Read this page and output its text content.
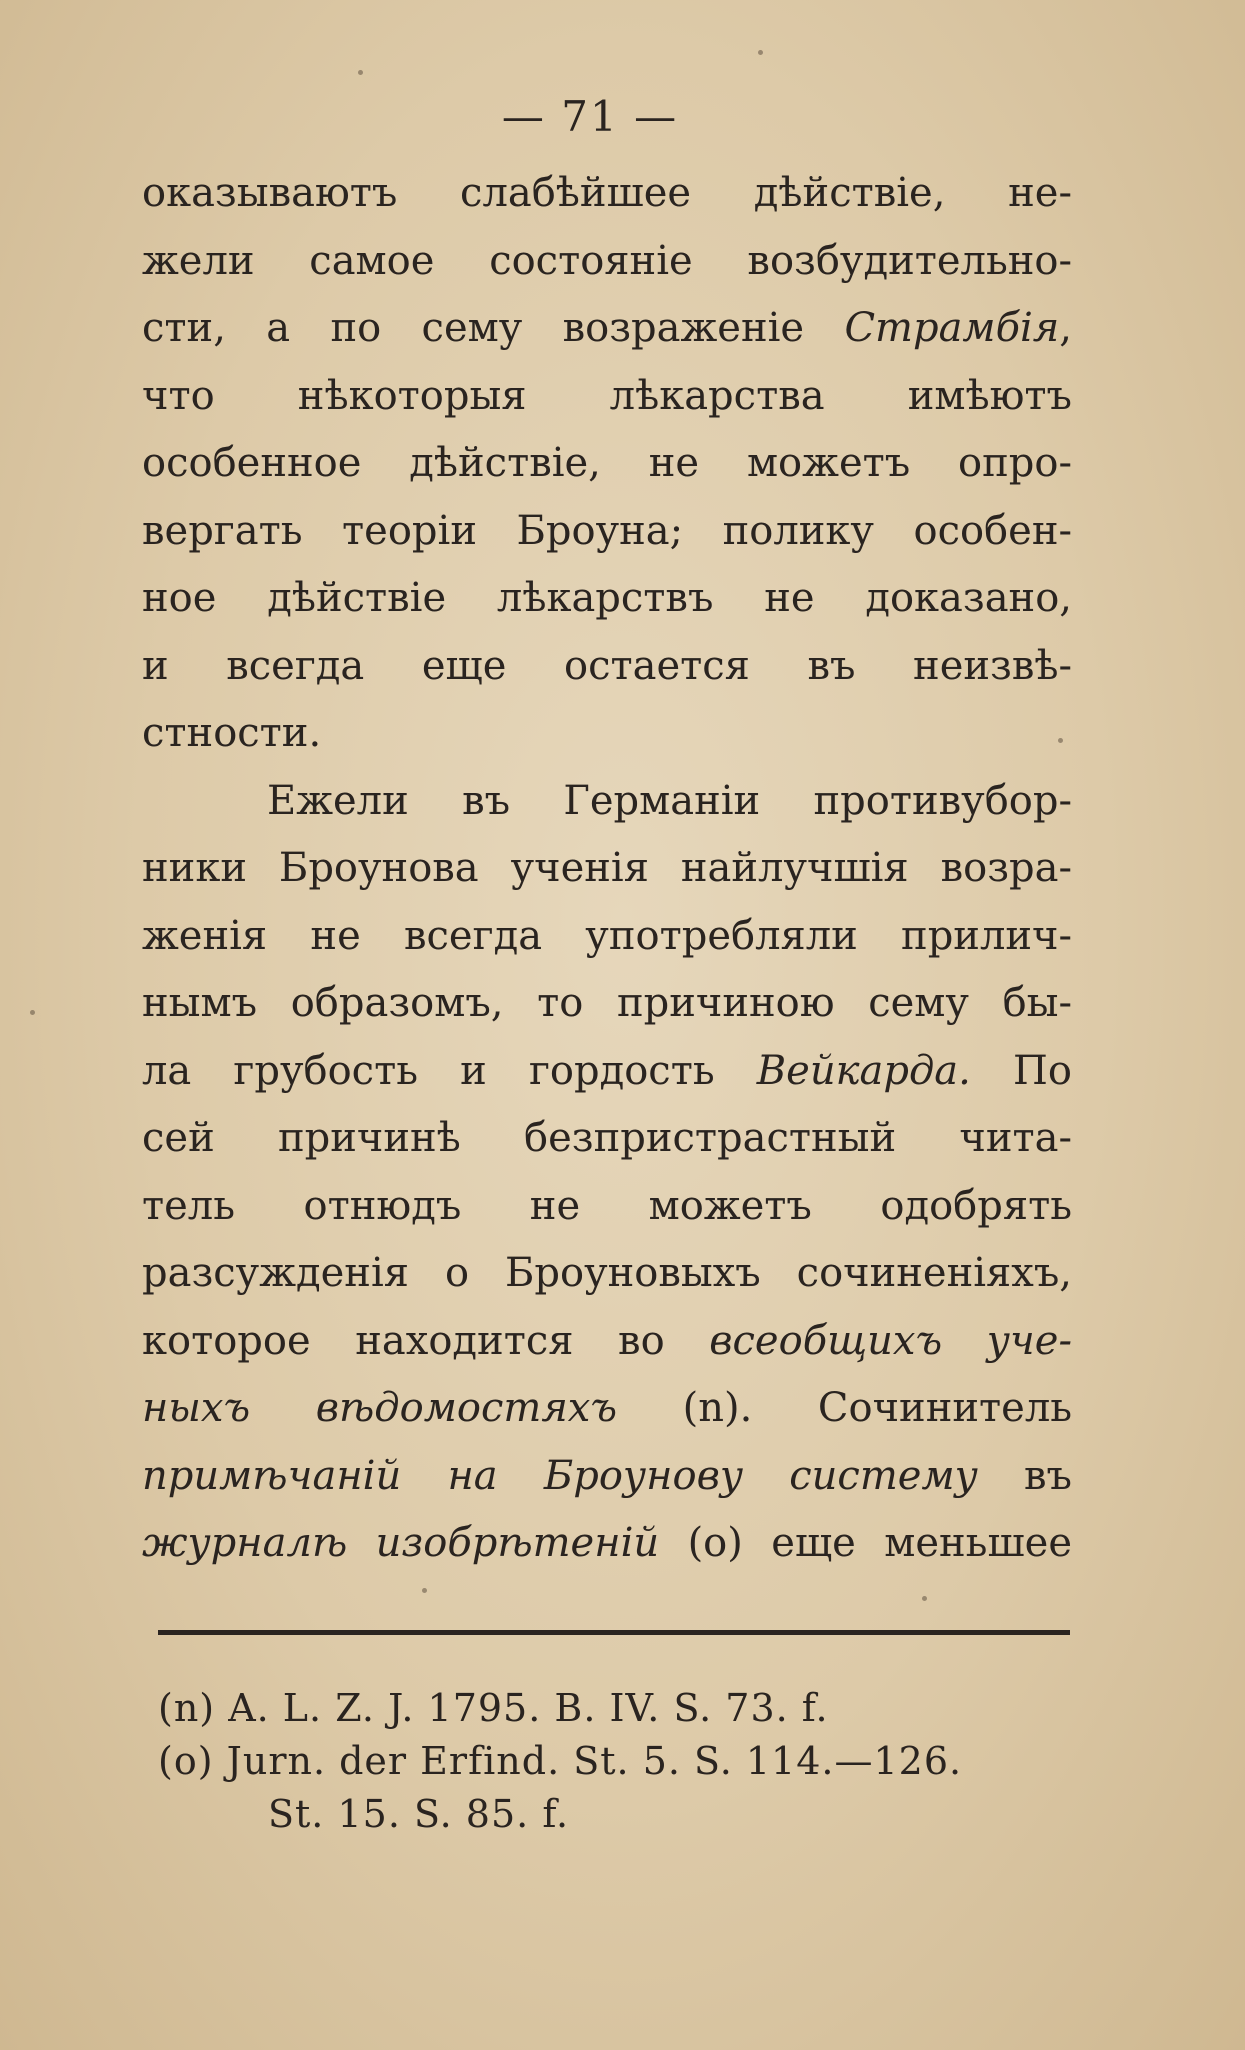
— 71 —
оказываютъ слабѣйшее дѣйствіе, не-
жели самое состояніе возбудительно-
сти, а по сему возраженіе Страмбія,
что нѣкоторыя лѣкарства имѣютъ
особенное дѣйствіе, не можетъ опро-
вергать теоріи Броуна; полику особен-
ное дѣйствіе лѣкарствъ не доказано,
и всегда еще остается въ неизвѣ-
стности.
Ежели въ Германіи противубор-
ники Броунова ученія найлучшія возра-
женія не всегда употребляли прилич-
нымъ образомъ, то причиною сему бы-
ла грубость и гордость Вейкарда. По
сей причинѣ безпристрастный чита-
тель отнюдъ не можетъ одобрять
разсужденія о Броуновыхъ сочиненіяхъ,
которое находится во всеобщихъ уче-
ныхъ вѣдомостяхъ (n). Сочинитель
примѣчаній на Броунову систему въ
журналѣ изобрѣтеній (o) еще меньшее
(n) A. L. Z. J. 1795. B. IV. S. 73. f.
(o) Jurn. der Erfind. St. 5. S. 114.—126.
St. 15. S. 85. f.
